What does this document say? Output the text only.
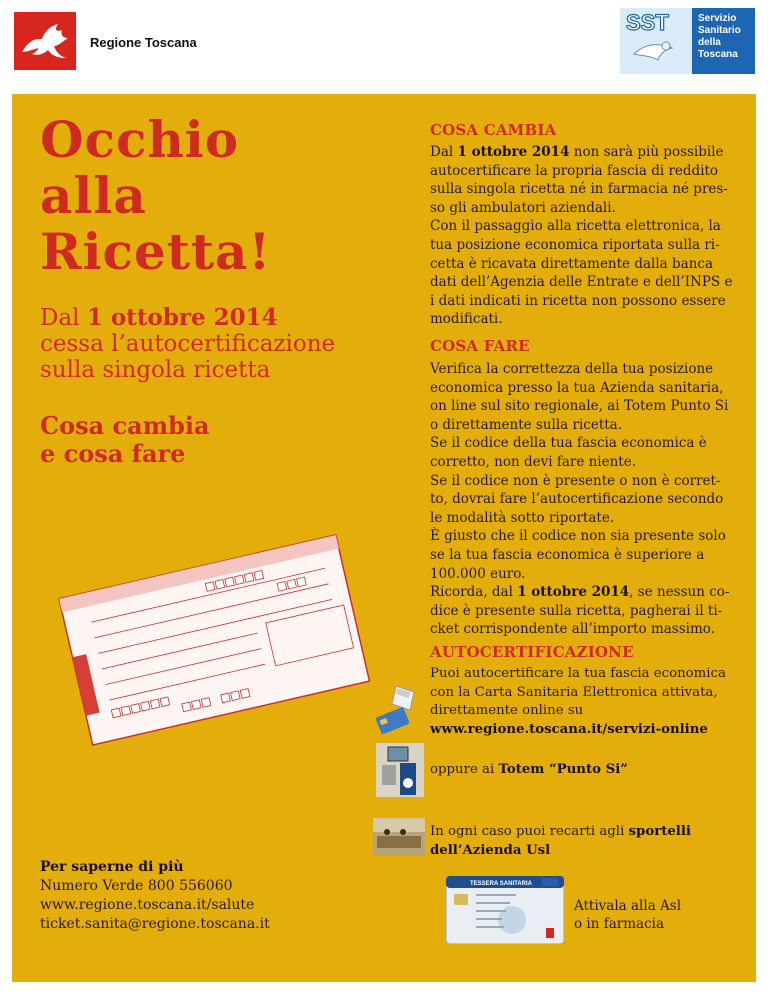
Regione Toscana
SST	Servizio
Sanitario
della
Toscana
Occhio
alla
Ricetta!
Dal 1 ottobre 2014
cessa l’autocertificazione
sulla singola ricetta
Cosa cambia
e cosa fare
COSA CAMBIA
Dal 1 ottobre 2014 non sarà più possibile
autocertificare la propria fascia di reddito
sulla singola ricetta né in farmacia né pres-
so gli ambulatori aziendali.
Con il passaggio alla ricetta elettronica, la
tua posizione economica riportata sulla ri-
cetta è ricavata direttamente dalla banca
dati dell’Agenzia delle Entrate e dell’INPS e
i dati indicati in ricetta non possono essere
modificati.
COSA FARE
Verifica la correttezza della tua posizione
economica presso la tua Azienda sanitaria,
on line sul sito regionale, ai Totem Punto Si
o direttamente sulla ricetta.
Se il codice della tua fascia economica è
corretto, non devi fare niente.
Se il codice non è presente o non è corret-
to, dovrai fare l’autocertificazione secondo
le modalità sotto riportate.
È giusto che il codice non sia presente solo
se la tua fascia economica è superiore a
100.000 euro.
Ricorda, dal 1 ottobre 2014, se nessun co-
dice è presente sulla ricetta, pagherai il ti-
cket corrispondente all’importo massimo.
AUTOCERTIFICAZIONE
Puoi autocertificare la tua fascia economica
con la Carta Sanitaria Elettronica attivata,
direttamente online su
www.regione.toscana.it/servizi-online
oppure ai Totem “Punto Si”
In ogni caso puoi recarti agli sportelli
dell’Azienda Usl
Per saperne di più
Numero Verde 800 556060
www.regione.toscana.it/salute
ticket.sanita@regione.toscana.it
TESSERA SANITARIA
Attivala alla Asl
o in farmacia
